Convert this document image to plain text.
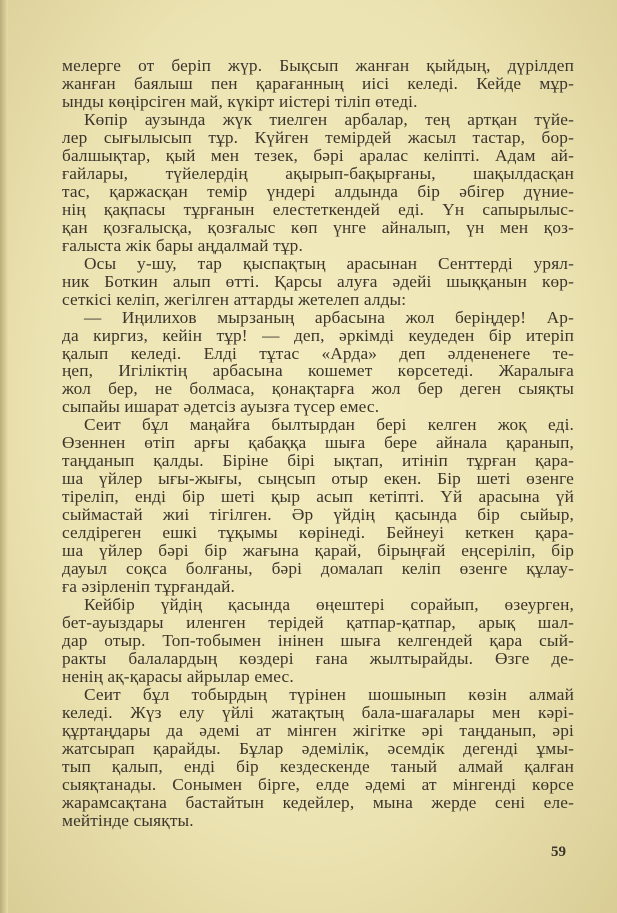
мелерге от беріп жүр. Бықсып жанған қыйдың, дүрілдеп
жанған баялыш пен қарағанның иісі келеді. Кейде мұр-
ынды көңірсіген май, күкірт иістері тіліп өтеді.
Көпір аузында жүк тиелген арбалар, тең артқан түйе-
лер сығылысып тұр. Күйген темірдей жасыл тастар, бор-
балшықтар, қый мен тезек, бәрі аралас келіпті. Адам ай-
ғайлары, түйелердің ақырып-бақырғаны, шақылдасқан
тас, қаржасқан темір үндері алдында бір әбігер дүние-
нің қақпасы тұрғанын елестеткендей еді. Үн сапырылыс-
қан қозғалысқа, қозғалыс көп үнге айналып, үн мен қоз-
ғалыста жік бары аңдалмай тұр.
Осы у-шу, тар қыспақтың арасынан Сенттерді урял-
ник Боткин алып өтті. Қарсы алуға әдейі шыққанын көр-
сеткісі келіп, жегілген аттарды жетелеп алды:
— Иңилихов мырзаның арбасына жол беріңдер! Ар-
да киргиз, кейін тұр! — деп, әркімді кеудеден бір итеріп
қалып келеді. Елді тұтас «Арда» деп әлдененеге те-
ңеп, Игіліктің арбасына кошемет көрсетеді. Жаралыға
жол бер, не болмаса, қонақтарға жол бер деген сыяқты
сыпайы ишарат әдетсіз ауызға түсер емес.
Сеит бұл маңайға былтырдан бері келген жоқ еді.
Өзеннен өтіп арғы қабаққа шыға бере айнала қаранып,
таңданып қалды. Біріне бірі ықтап, итініп тұрған қара-
ша үйлер ығы-жығы, сыңсып отыр екен. Бір шеті өзенге
тіреліп, енді бір шеті қыр асып кетіпті. Үй арасына үй
сыймастай жиі тігілген. Әр үйдің қасында бір сыйыр,
селдіреген ешкі тұқымы көрінеді. Бейнеуі кеткен қара-
ша үйлер бәрі бір жағына қарай, бірыңғай еңсеріліп, бір
дауыл соқса болғаны, бәрі домалап келіп өзенге құлау-
ға әзірленіп тұрғандай.
Кейбір үйдің қасында өңештері сорайып, өзеурген,
бет-ауыздары иленген терідей қатпар-қатпар, арық шал-
дар отыр. Топ-тобымен інінен шыға келгендей қара сый-
ракты балалардың көздері ғана жылтырайды. Өзге де-
ненің ақ-қарасы айрылар емес.
Сеит бұл тобырдың түрінен шошынып көзін алмай
келеді. Жүз елу үйлі жатақтың бала-шағалары мен кәрі-
құртаңдары да әдемі ат мінген жігітке әрі таңданып, әрі
жатсырап қарайды. Бұлар әдемілік, әсемдік дегенді ұмы-
тып қалып, енді бір кездескенде таный алмай қалған
сыяқтанады. Сонымен бірге, елде әдемі ат мінгенді көрсе
жарамсақтана бастайтын кедейлер, мына жерде сені еле-
мейтінде сыяқты.
59
